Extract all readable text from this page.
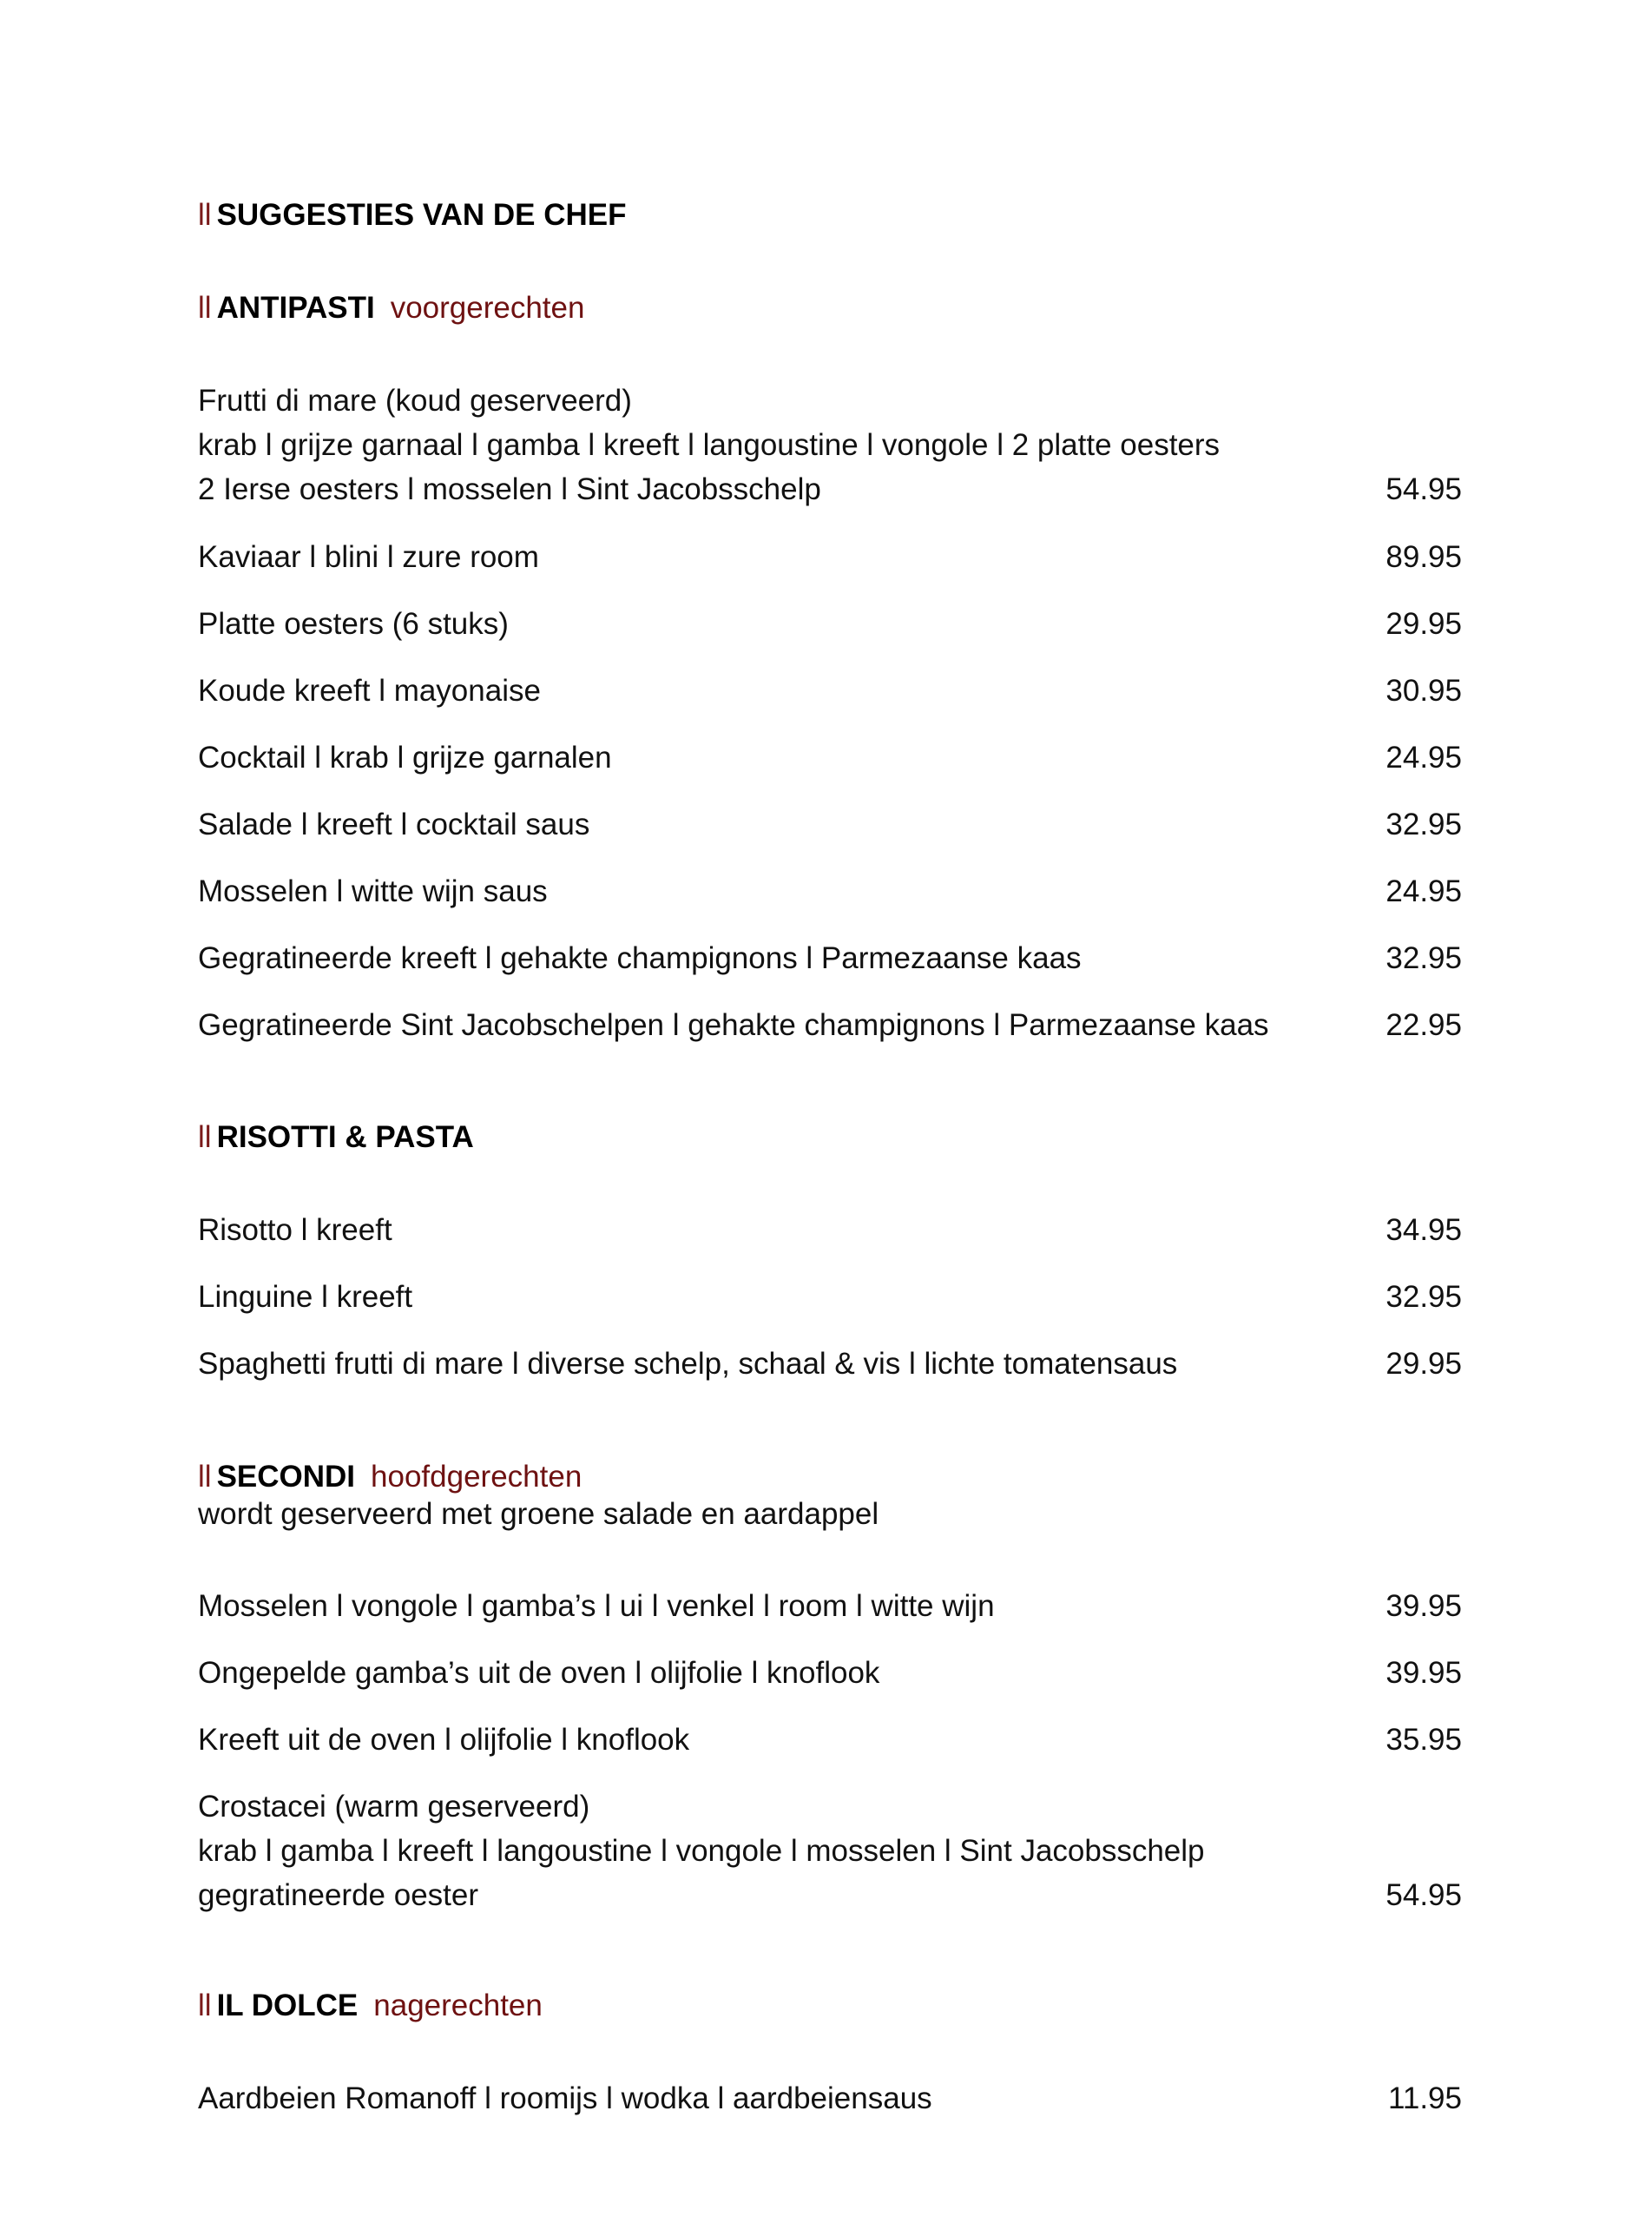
ll SUGGESTIES VAN DE CHEF
ll ANTIPASTI voorgerechten
Frutti di mare (koud geserveerd)
krab l grijze garnaal l gamba l kreeft l langoustine l vongole l 2 platte oesters
2 Ierse oesters l mosselen l Sint Jacobsschelp	54.95
Kaviaar l blini l zure room	89.95
Platte oesters (6 stuks)	29.95
Koude kreeft l mayonaise	30.95
Cocktail l krab l grijze garnalen	24.95
Salade l kreeft l cocktail saus	32.95
Mosselen l witte wijn saus	24.95
Gegratineerde kreeft l gehakte champignons l Parmezaanse kaas	32.95
Gegratineerde Sint Jacobschelpen l gehakte champignons l Parmezaanse kaas	22.95
ll RISOTTI & PASTA
Risotto l kreeft	34.95
Linguine l kreeft	32.95
Spaghetti frutti di mare l diverse schelp, schaal & vis l lichte tomatensaus	29.95
ll SECONDI hoofdgerechten
wordt geserveerd met groene salade en aardappel
Mosselen l vongole l gamba’s l ui l venkel l room l witte wijn	39.95
Ongepelde gamba’s uit de oven l olijfolie l knoflook	39.95
Kreeft uit de oven l olijfolie l knoflook	35.95
Crostacei (warm geserveerd)
krab l gamba l kreeft l langoustine l vongole l mosselen l Sint Jacobsschelp
gegratineerde oester	54.95
ll IL DOLCE nagerechten
Aardbeien Romanoff l roomijs l wodka l aardbeiensaus	11.95
